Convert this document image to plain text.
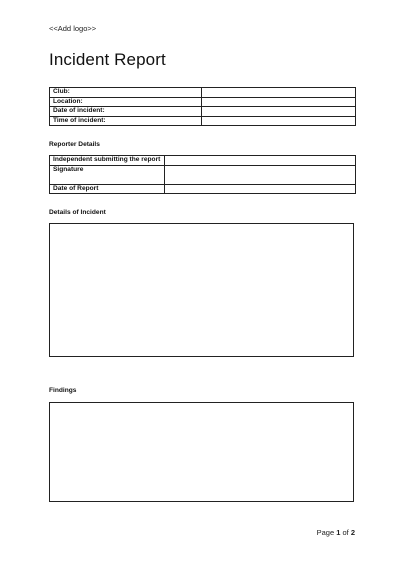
<<Add logo>>
Incident Report
Club:	
Location:	
Date of incident:	
Time of incident:	
Reporter Details
Independent submitting the report	
Signature	
Date of Report	
Details of Incident
Findings
Page 1 of 2
